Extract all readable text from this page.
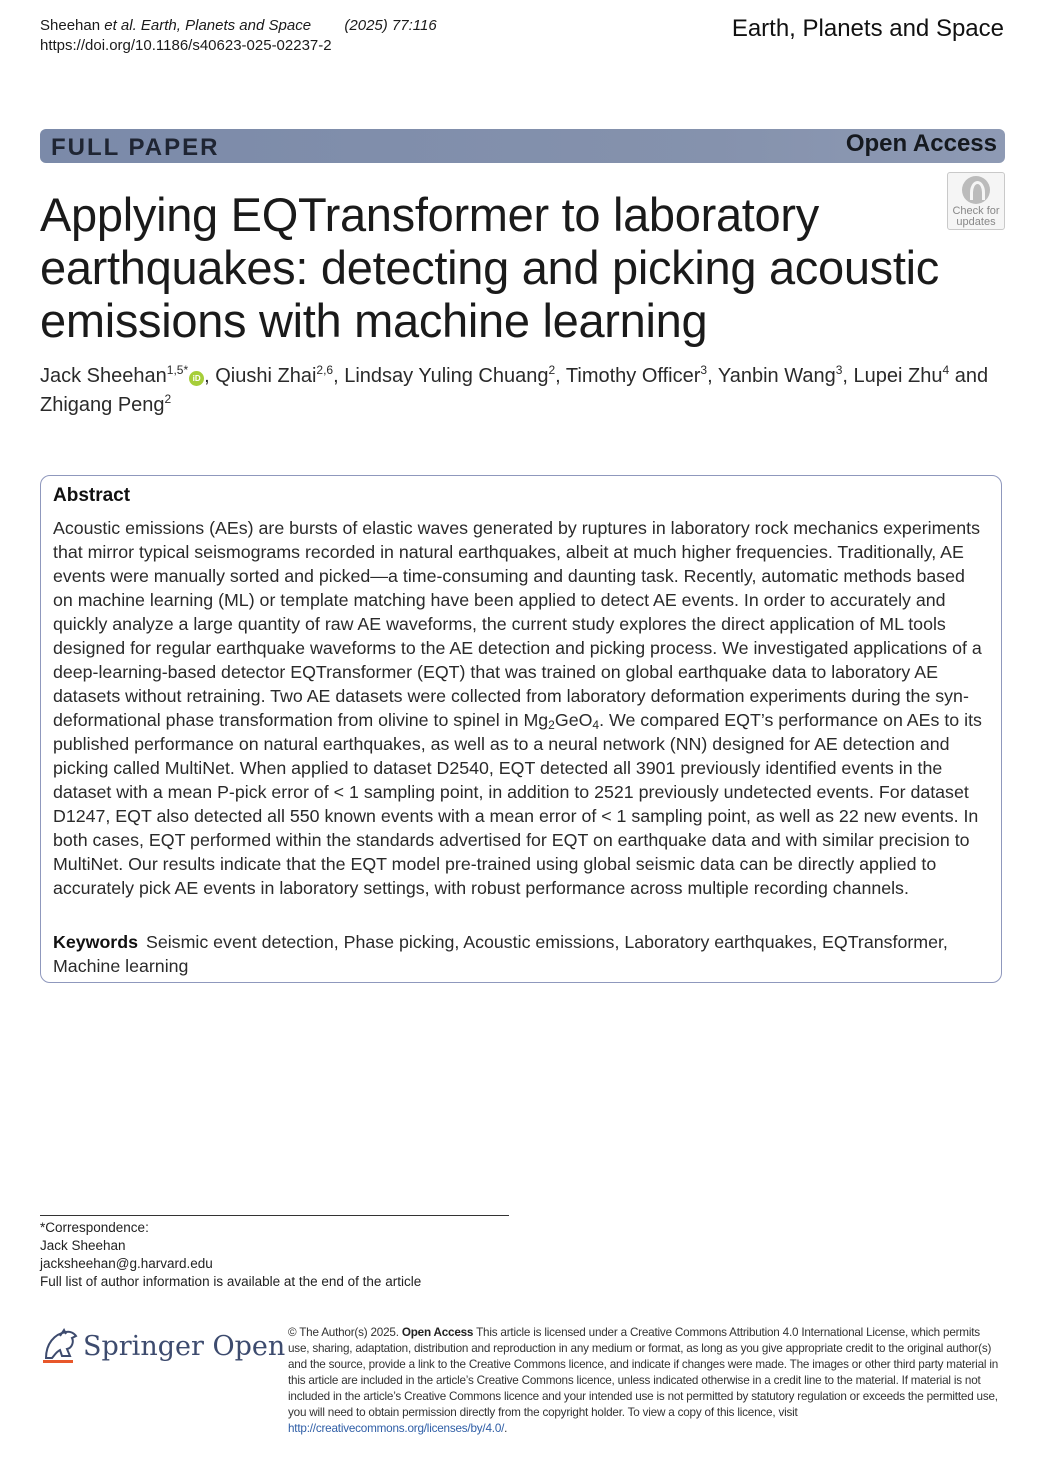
Sheehan et al. Earth, Planets and Space (2025) 77:116
https://doi.org/10.1186/s40623-025-02237-2
Earth, Planets and Space
FULL PAPER	Open Access
Check for updates
Applying EQTransformer to laboratory earthquakes: detecting and picking acoustic emissions with machine learning
Jack Sheehan$^{1,5*}$iD , Qiushi Zhai$^{2,6}$, Lindsay Yuling Chuang$^2$, Timothy Officer$^3$, Yanbin Wang$^3$, Lupei Zhu$^4$ and Zhigang Peng$^2$
Abstract
Acoustic emissions (AEs) are bursts of elastic waves generated by ruptures in laboratory rock mechanics experiments that mirror typical seismograms recorded in natural earthquakes, albeit at much higher frequencies. Traditionally, AE events were manually sorted and picked—a time-consuming and daunting task. Recently, automatic methods based on machine learning (ML) or template matching have been applied to detect AE events. In order to accurately and quickly analyze a large quantity of raw AE waveforms, the current study explores the direct application of ML tools designed for regular earthquake waveforms to the AE detection and picking process. We investigated applications of a deep-learning-based detector EQTransformer (EQT) that was trained on global earthquake data to laboratory AE datasets without retraining. Two AE datasets were collected from laboratory deformation experiments during the syn-deformational phase transformation from olivine to spinel in $Mg_2GeO_4$. We compared EQT’s performance on AEs to its published performance on natural earthquakes, as well as to a neural network (NN) designed for AE detection and picking called MultiNet. When applied to dataset D2540, EQT detected all 3901 previously identified events in the dataset with a mean P-pick error of < 1 sampling point, in addition to 2521 previously undetected events. For dataset D1247, EQT also detected all 550 known events with a mean error of < 1 sampling point, as well as 22 new events. In both cases, EQT performed within the standards advertised for EQT on earthquake data and with similar precision to MultiNet. Our results indicate that the EQT model pre-trained using global seismic data can be directly applied to accurately pick AE events in laboratory settings, with robust performance across multiple recording channels.
Keywords Seismic event detection, Phase picking, Acoustic emissions, Laboratory earthquakes, EQTransformer, Machine learning
*Correspondence:
Jack Sheehan
jacksheehan@g.harvard.edu
Full list of author information is available at the end of the article
Springer Open © The Author(s) 2025. Open Access This article is licensed under a Creative Commons Attribution 4.0 International License, which permits use, sharing, adaptation, distribution and reproduction in any medium or format, as long as you give appropriate credit to the original author(s) and the source, provide a link to the Creative Commons licence, and indicate if changes were made. The images or other third party material in this article are included in the article’s Creative Commons licence, unless indicated otherwise in a credit line to the material. If material is not included in the article’s Creative Commons licence and your intended use is not permitted by statutory regulation or exceeds the permitted use, you will need to obtain permission directly from the copyright holder. To view a copy of this licence, visit http://creativecommons.org/licenses/by/4.0/.
